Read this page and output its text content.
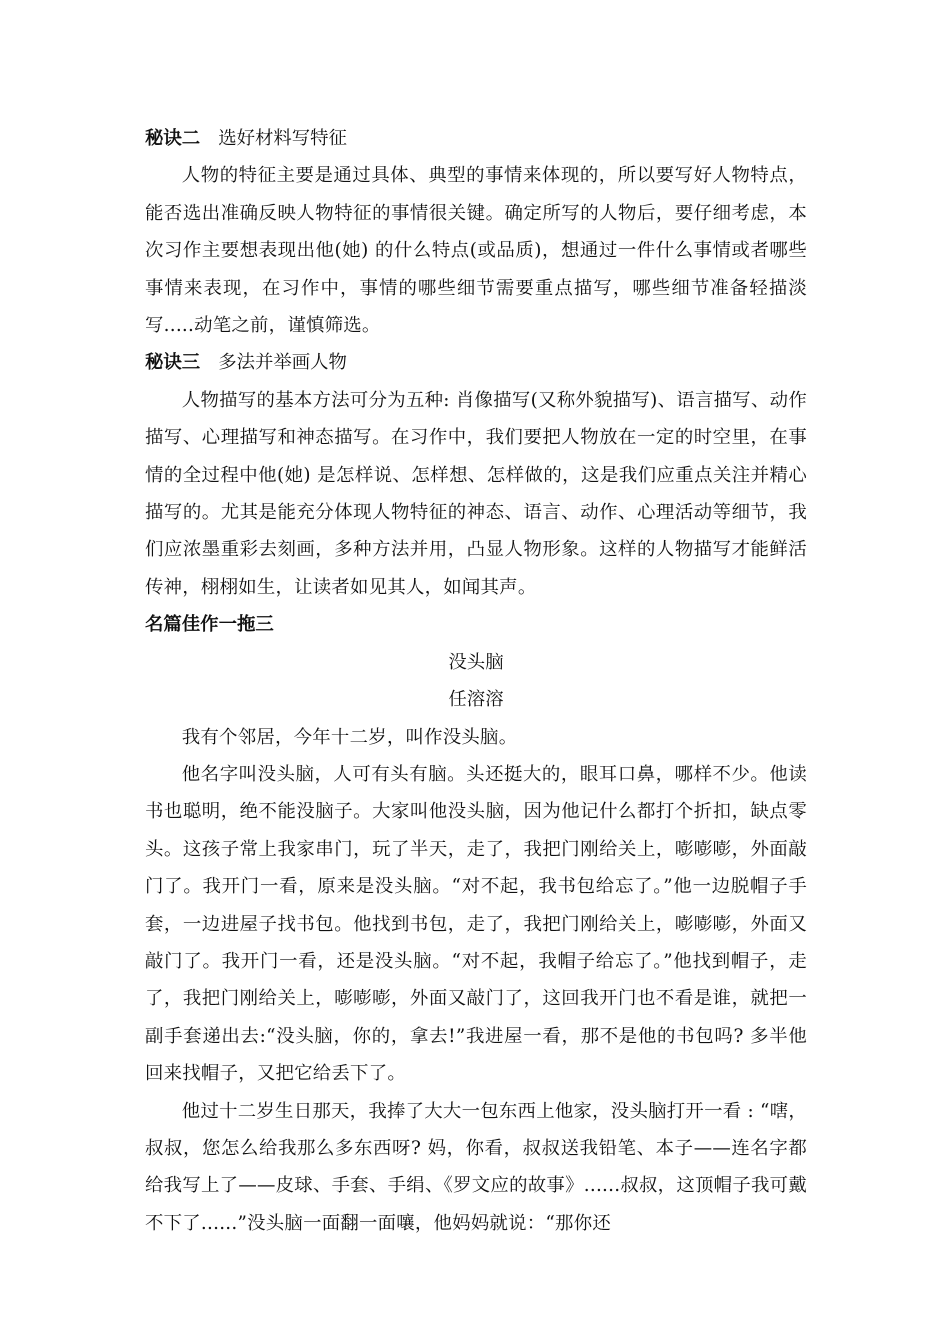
秘诀二 选好材料写特征

人物的特征主要是通过具体、典型的事情来体现的，所以要写好人物特点，能否选出准确反映人物特征的事情很关键。确定所写的人物后，要仔细考虑，本次习作主要想表现出他(她) 的什么特点(或品质)，想通过一件什么事情或者哪些事情来表现，在习作中，事情的哪些细节需要重点描写，哪些细节准备轻描淡写.....动笔之前，谨慎筛选。

秘诀三 多法并举画人物

人物描写的基本方法可分为五种: 肖像描写(又称外貌描写)、语言描写、动作描写、心理描写和神态描写。在习作中，我们要把人物放在一定的时空里，在事情的全过程中他(她) 是怎样说、怎样想、怎样做的，这是我们应重点关注并精心描写的。尤其是能充分体现人物特征的神态、语言、动作、心理活动等细节，我们应浓墨重彩去刻画，多种方法并用，凸显人物形象。这样的人物描写才能鲜活传神，栩栩如生，让读者如见其人，如闻其声。

名篇佳作一拖三

没头脑

任溶溶

我有个邻居，今年十二岁，叫作没头脑。

他名字叫没头脑，人可有头有脑。头还挺大的，眼耳口鼻，哪样不少。他读书也聪明，绝不能没脑子。大家叫他没头脑，因为他记什么都打个折扣，缺点零头。这孩子常上我家串门，玩了半天，走了，我把门刚给关上，嘭嘭嘭，外面敲门了。我开门一看，原来是没头脑。“对不起，我书包给忘了。”他一边脱帽子手套，一边进屋子找书包。他找到书包，走了，我把门刚给关上，嘭嘭嘭，外面又敲门了。我开门一看，还是没头脑。“对不起，我帽子给忘了。”他找到帽子，走了，我把门刚给关上，嘭嘭嘭，外面又敲门了，这回我开门也不看是谁，就把一副手套递出去:“没头脑，你的，拿去!”我进屋一看，那不是他的书包吗? 多半他回来找帽子，又把它给丢下了。

他过十二岁生日那天，我捧了大大一包东西上他家，没头脑打开一看 : “嗐，叔叔，您怎么给我那么多东西呀? 妈，你看，叔叔送我铅笔、本子——连名字都给我写上了——皮球、手套、手绢、《罗文应的故事》......叔叔，这顶帽子我可戴不下了......”没头脑一面翻一面嚷，他妈妈就说：“那你还
